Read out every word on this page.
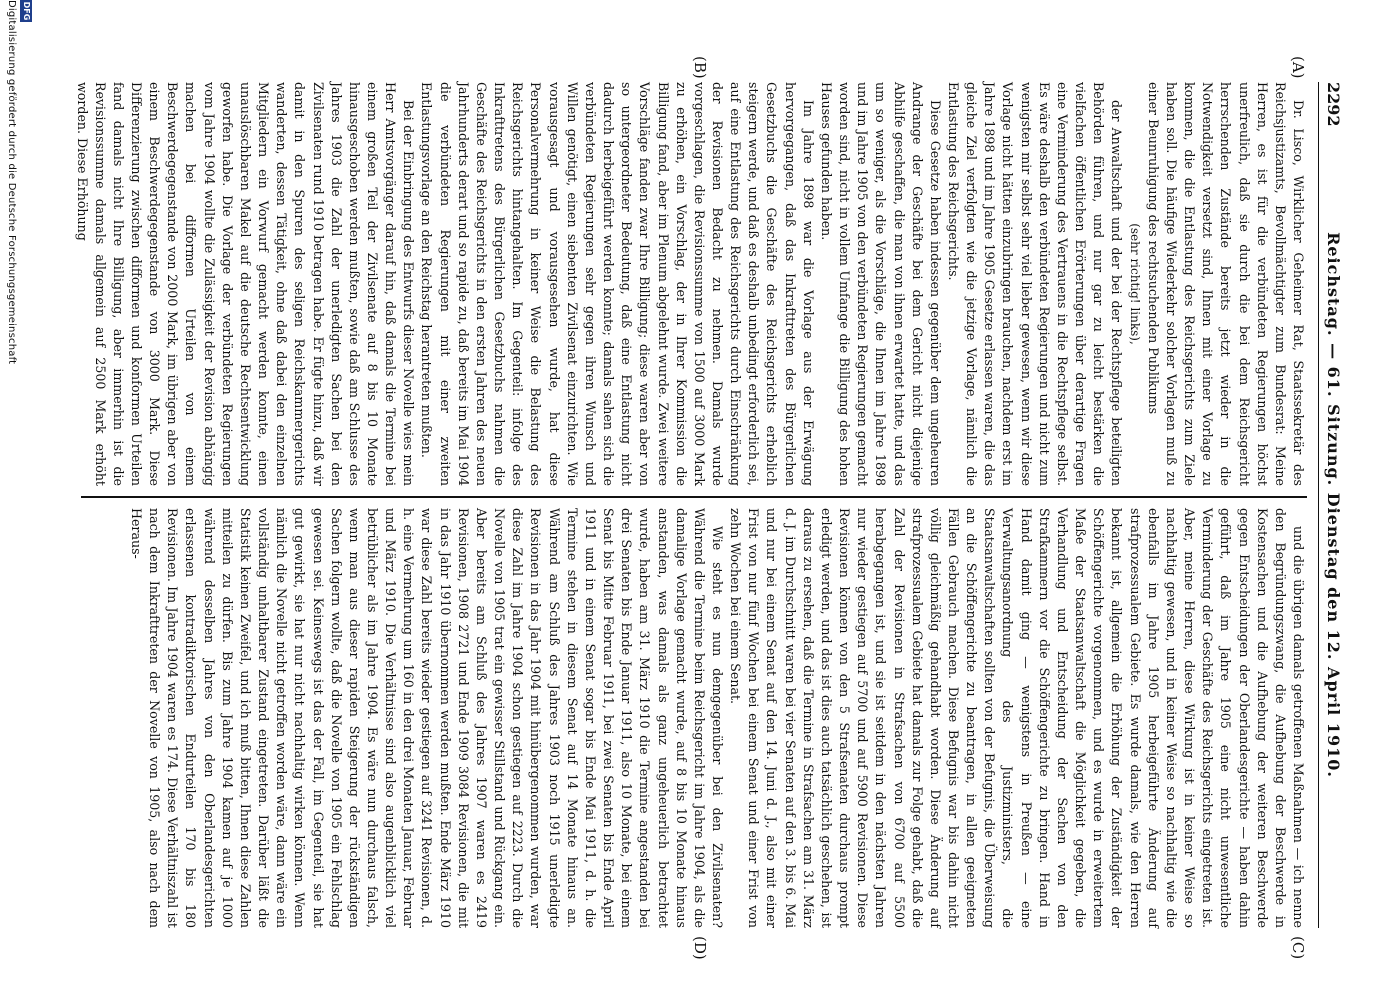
2292
Reichstag. — 61. Sitzung. Dienstag den 12. April 1910.
(A)
(B)
(C)
(D)

Dr. Lisco, Wirklicher Geheimer Rat, Staatssekretär des Reichsjustizamts, Bevollmächtigter zum Bundesrat: Meine Herren, es ist für die verbündeten Regierungen höchst unerfreulich, daß sie durch die bei dem Reichsgericht herrschenden Zustände bereits jetzt wieder in die Notwendigkeit versetzt sind, Ihnen mit einer Vorlage zu kommen, die die Entlastung des Reichsgerichts zum Ziele haben soll. Die häufige Wiederkehr solcher Vorlagen muß zu einer Beunruhigung des rechtsuchenden Publikums

(sehr richtig! links),

der Anwaltschaft und der bei der Rechtspflege beteiligten Behörden führen, und nur gar zu leicht bestärken die vielfachen öffentlichen Erörterungen über derartige Fragen eine Verminderung des Vertrauens in die Rechtspflege selbst. Es wäre deshalb den verbündeten Regierungen und nicht zum wenigsten mir selbst sehr viel lieber gewesen, wenn wir diese Vorlage nicht hätten einzubringen brauchen, nachdem erst im Jahre 1898 und im Jahre 1905 Gesetze erlassen waren, die das gleiche Ziel verfolgten wie die jetzige Vorlage, nämlich die Entlastung des Reichsgerichts.

Diese Gesetze haben indessen gegenüber dem ungeheuren Andrange der Geschäfte bei dem Gericht nicht diejenige Abhilfe geschaffen, die man von ihnen erwartet hatte, und das um so weniger, als die Vorschläge, die Ihnen im Jahre 1898 und im Jahre 1905 von den verbündeten Regierungen gemacht worden sind, nicht in vollem Umfange die Billigung des hohen Hauses gefunden haben.

Im Jahre 1898 war die Vorlage aus der Erwägung hervorgegangen, daß das Inkrafttreten des Bürgerlichen Gesetzbuchs die Geschäfte des Reichsgerichts erheblich steigern werde, und daß es deshalb unbedingt erforderlich sei, auf eine Entlastung des Reichsgerichts durch Einschränkung der Revisionen Bedacht zu nehmen. Damals wurde vorgeschlagen, die Revisionssumme von 1500 auf 3000 Mark zu erhöhen, ein Vorschlag, der in Ihrer Kommission die Billigung fand, aber im Plenum abgelehnt wurde. Zwei weitere Vorschläge fanden zwar Ihre Billigung; diese waren aber von so untergeordneter Bedeutung, daß eine Entlastung nicht dadurch herbeigeführt werden konnte; damals sahen sich die verbündeten Regierungen sehr gegen ihren Wunsch und Willen genötigt, einen siebenten Zivilsenat einzurichten. Wie vorausgesagt und vorausgesehen wurde, hat diese Personalvermehrung in keiner Weise die Belastung des Reichsgerichts hintangehalten. Im Gegenteil: infolge des Inkrafttretens des Bürgerlichen Gesetzbuchs nahmen die Geschäfte des Reichsgerichts in den ersten Jahren des neuen Jahrhunderts derart und so rapide zu, daß bereits im Mai 1904 die verbündeten Regierungen mit einer zweiten Entlastungsvorlage an den Reichstag herantreten mußten.

Bei der Einbringung des Entwurfs dieser Novelle wies mein Herr Amtsvorgänger darauf hin, daß damals die Termine bei einem großen Teil der Zivilsenate auf 8 bis 10 Monate hinausgeschoben werden mußten, sowie daß am Schlusse des Jahres 1903 die Zahl der unerledigten Sachen bei den Zivilsenaten rund 1910 betragen habe. Er fügte hinzu, daß wir damit in den Spuren des seligen Reichskammergerichts wanderten, dessen Tätigkeit, ohne daß dabei den einzelnen Mitgliedern ein Vorwurf gemacht werden konnte, einen unauslöschbaren Makel auf die deutsche Rechtsentwicklung geworfen habe. Die Vorlage der verbündeten Regierungen vom Jahre 1904 wollte die Zulässigkeit der Revision abhängig machen bei difformen Urteilen von einem Beschwerdegegenstande von 2000 Mark, im übrigen aber von einem Beschwerdegegenstande von 3000 Mark. Diese Differenzierung zwischen difformen und konformen Urteilen fand damals nicht Ihre Billigung, aber immerhin ist die Revisionssumme damals allgemein auf 2500 Mark erhöht worden. Diese Erhöhung

und die übrigen damals getroffenen Maßnahmen — ich nenne den Begründungszwang, die Aufhebung der Beschwerde in Kostensachen und die Aufhebung der weiteren Beschwerde gegen Entscheidungen der Oberlandesgerichte — haben dahin geführt, daß im Jahre 1905 eine nicht unwesentliche Verminderung der Geschäfte des Reichsgerichts eingetreten ist. Aber, meine Herren, diese Wirkung ist in keiner Weise so nachhaltig gewesen, und in keiner Weise so nachhaltig wie die ebenfalls im Jahre 1905 herbeigeführte Änderung auf strafprozessualem Gebiete. Es wurde damals, wie den Herren bekannt ist, allgemein die Erhöhung der Zuständigkeit der Schöffengerichte vorgenommen, und es wurde in erweitertem Maße der Staatsanwaltschaft die Möglichkeit gegeben, die Verhandlung und Entscheidung der Sachen von den Strafkammern vor die Schöffengerichte zu bringen. Hand in Hand damit ging — wenigstens in Preußen — eine Verwaltungsanordnung des Justizministers, die Staatsanwaltschaften sollten von der Befugnis, die Überweisung an die Schöffengerichte zu beantragen, in allen geeigneten Fällen Gebrauch machen. Diese Befugnis war bis dahin nicht völlig gleichmäßig gehandhabt worden. Diese Änderung auf strafprozessualem Gebiete hat damals zur Folge gehabt, daß die Zahl der Revisionen in Strafsachen von 6700 auf 5500 herabgegangen ist, und sie ist seitdem in den nächsten Jahren nur wieder gestiegen auf 5700 und auf 5900 Revisionen. Diese Revisionen können von den 5 Strafsenaten durchaus prompt erledigt werden, und das ist dies auch tatsächlich geschehen, ist daraus zu ersehen, daß die Termine in Strafsachen am 31. März d. J. im Durchschnitt waren bei vier Senaten auf den 3. bis 6. Mai und nur bei einem Senat auf den 14. Juni d. J., also mit einer Frist von nur fünf Wochen bei einem Senat und einer Frist von zehn Wochen bei einem Senat.

Wie steht es nun demgegenüber bei den Zivilsenaten? Während die Termine beim Reichsgericht im Jahre 1904, als die damalige Vorlage gemacht wurde, auf 8 bis 10 Monate hinaus anstanden, was damals als ganz ungeheuerlich betrachtet wurde, haben am 31. März 1910 die Termine angestanden bei drei Senaten bis Ende Januar 1911, also 10 Monate, bei einem Senat bis Mitte Februar 1911, bei zwei Senaten bis Ende April 1911 und in einem Senat sogar bis Ende Mai 1911, d. h. die Termine stehen in diesem Senat auf 14 Monate hinaus an. Während am Schluß des Jahres 1903 noch 1915 unerledigte Revisionen in das Jahr 1904 mit hinübergenommen wurden, war diese Zahl im Jahre 1904 schon gestiegen auf 2223. Durch die Novelle von 1905 trat ein gewisser Stillstand und Rückgang ein. Aber bereits am Schluß des Jahres 1907 waren es 2419 Revisionen, 1908 2721 und Ende 1909 3084 Revisionen, die mit in das Jahr 1910 übernommen werden mußten. Ende März 1910 war diese Zahl bereits wieder gestiegen auf 3241 Revisionen, d. h. eine Vermehrung um 160 in den drei Monaten Januar, Februar und März 1910. Die Verhältnisse sind also augenblicklich viel betrüblicher als im Jahre 1904. Es wäre nun durchaus falsch, wenn man aus dieser rapiden Steigerung der rückständigen Sachen folgern wollte, daß die Novelle von 1905 ein Fehlschlag gewesen sei. Keineswegs ist das der Fall, im Gegenteil, sie hat gut gewirkt, sie hat nur nicht nachhaltig wirken können. Wenn nämlich die Novelle nicht getroffen worden wäre, dann wäre ein vollständig unhaltbarer Zustand eingetreten. Darüber läßt die Statistik keinen Zweifel, und ich muß bitten, Ihnen diese Zahlen mitteilen zu dürfen. Bis zum Jahre 1904 kamen auf je 1000 während desselben Jahres von den Oberlandesgerichten erlassenen kontradiktorischen Endurteilen 170 bis 180 Revisionen. Im Jahre 1904 waren es 174. Diese Verhältniszahl ist nach dem Inkrafttreten der Novelle von 1905, also nach dem Heraus-

DFG
Digitalisierung gefördert durch die Deutsche Forschungsgemeinschaft
